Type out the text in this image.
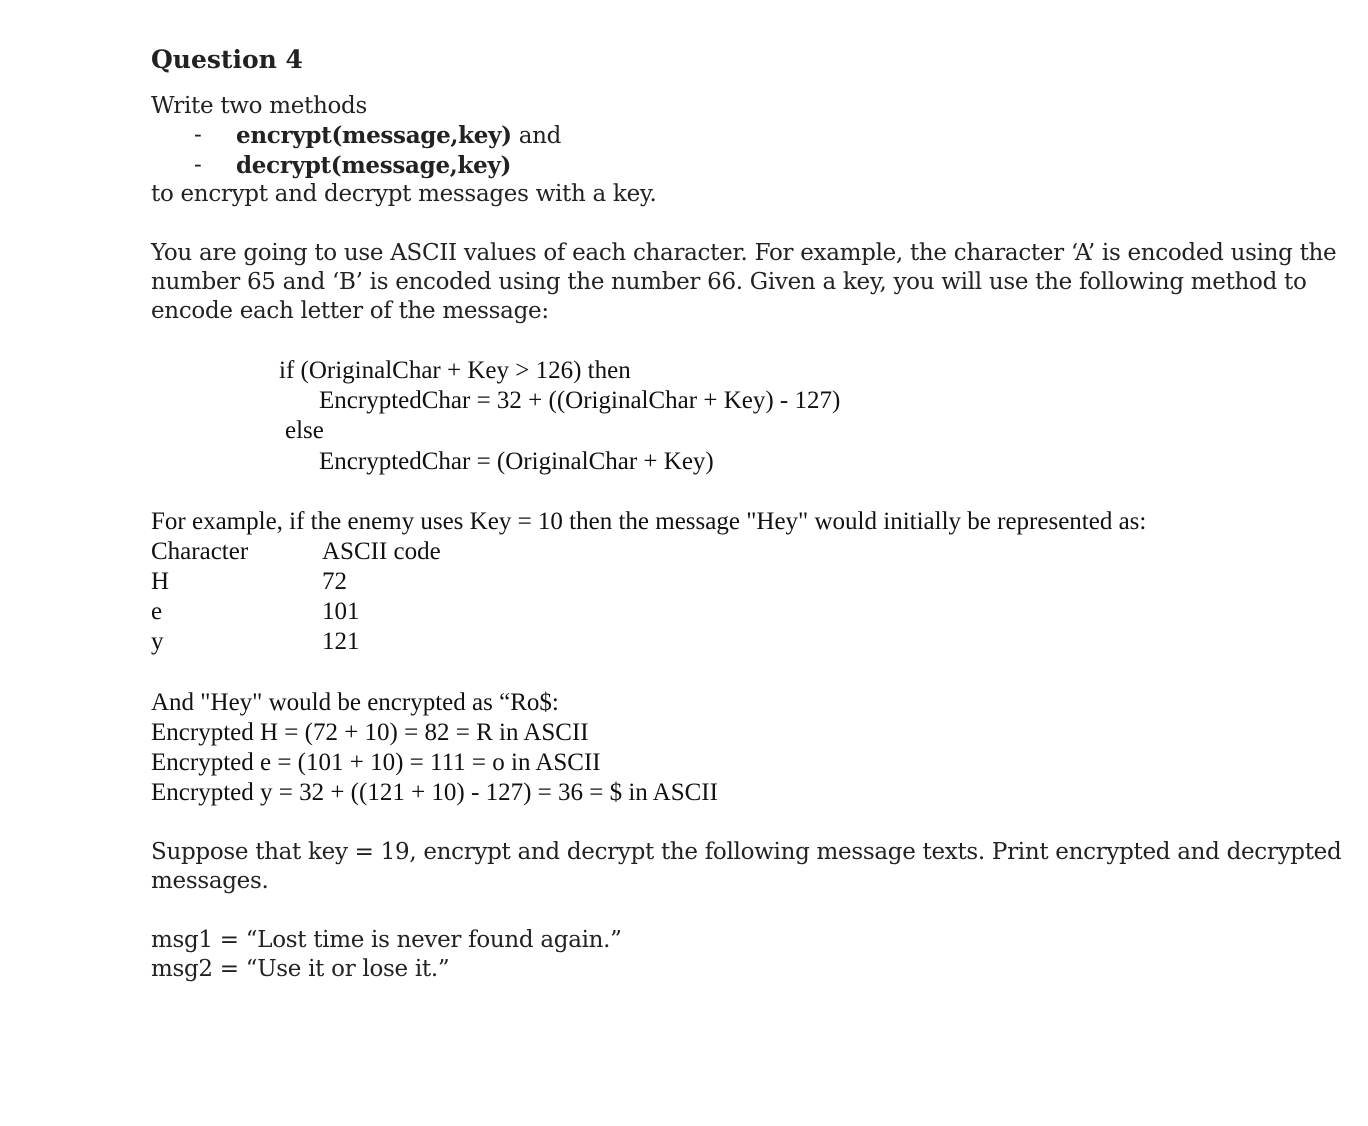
Question 4
Write two methods
- encrypt(message,key) and
- decrypt(message,key)
to encrypt and decrypt messages with a key.
You are going to use ASCII values of each character. For example, the character ‘A’ is encoded using the
number 65 and ‘B’ is encoded using the number 66. Given a key, you will use the following method to
encode each letter of the message:
if (OriginalChar + Key > 126) then
EncryptedChar = 32 + ((OriginalChar + Key) - 127)
else
EncryptedChar = (OriginalChar + Key)
For example, if the enemy uses Key = 10 then the message "Hey" would initially be represented as:
Character	ASCII code
H	72
e	101
y	121
And "Hey" would be encrypted as “Ro$:
Encrypted H = (72 + 10) = 82 = R in ASCII
Encrypted e = (101 + 10) = 111 = o in ASCII
Encrypted y = 32 + ((121 + 10) - 127) = 36 = $ in ASCII
Suppose that key = 19, encrypt and decrypt the following message texts. Print encrypted and decrypted
messages.
msg1 = “Lost time is never found again.”
msg2 = “Use it or lose it.”
